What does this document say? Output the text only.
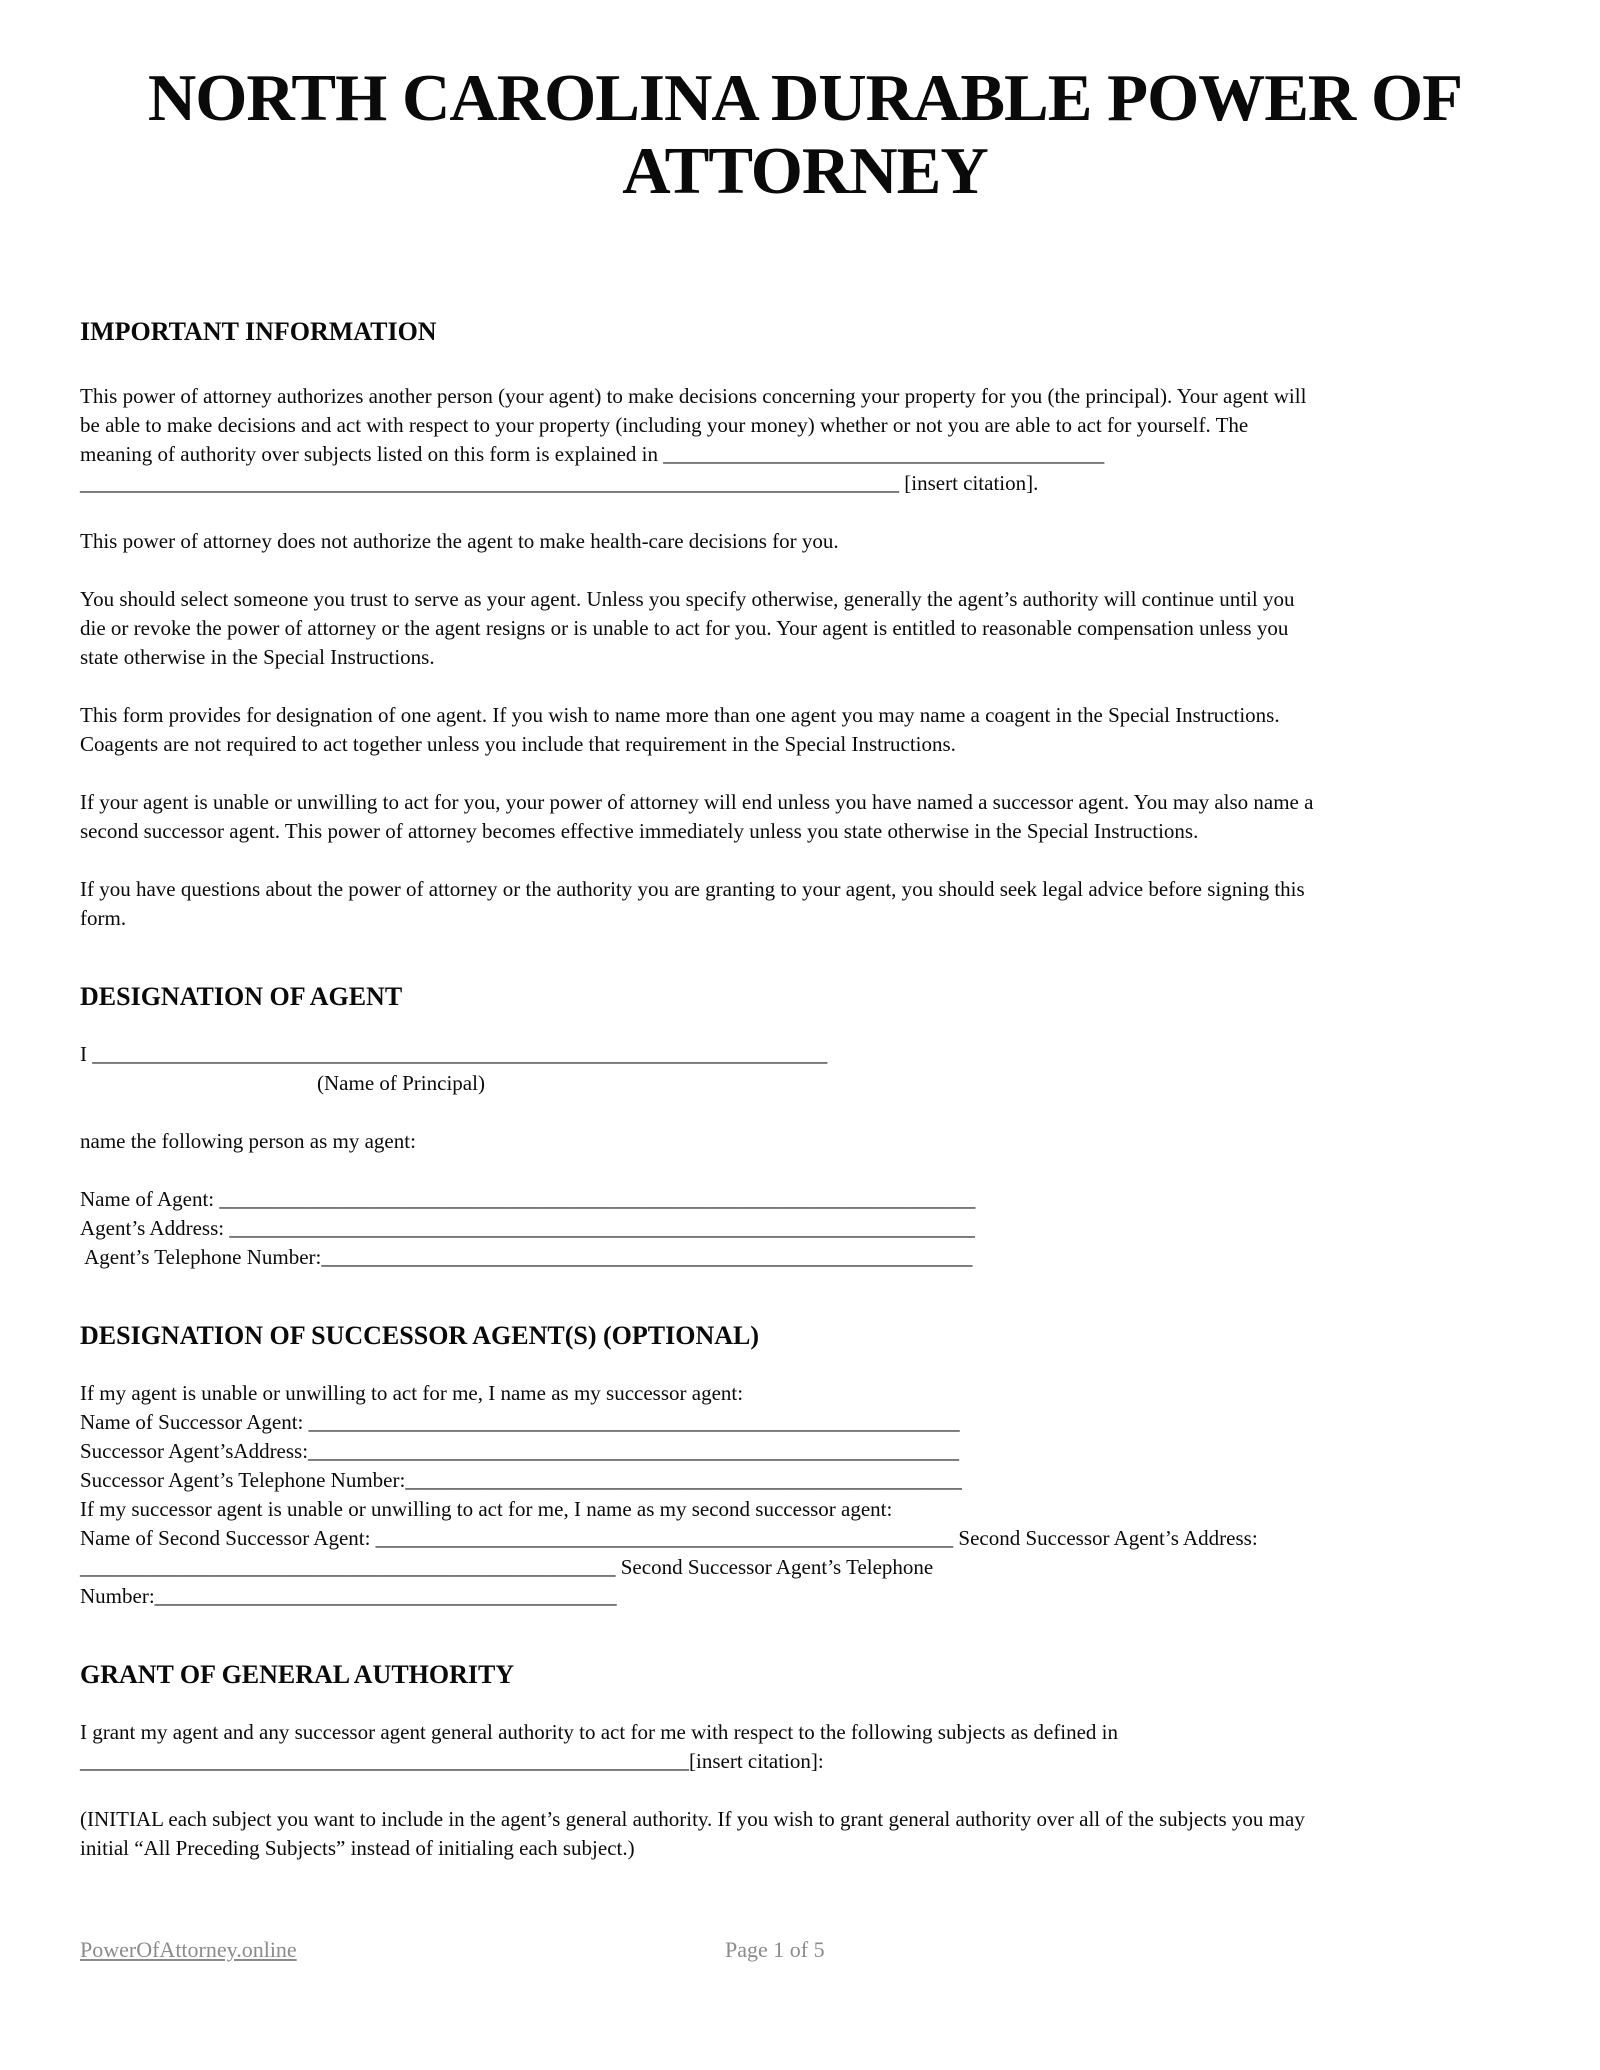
NORTH CAROLINA DURABLE POWER OF
ATTORNEY
IMPORTANT INFORMATION
This power of attorney authorizes another person (your agent) to make decisions concerning your property for you (the principal). Your agent will
be able to make decisions and act with respect to your property (including your money) whether or not you are able to act for yourself. The
meaning of authority over subjects listed on this form is explained in __________________________________________
______________________________________________________________________________ [insert citation].
This power of attorney does not authorize the agent to make health-care decisions for you.
You should select someone you trust to serve as your agent. Unless you specify otherwise, generally the agent’s authority will continue until you
die or revoke the power of attorney or the agent resigns or is unable to act for you. Your agent is entitled to reasonable compensation unless you
state otherwise in the Special Instructions.
This form provides for designation of one agent. If you wish to name more than one agent you may name a coagent in the Special Instructions.
Coagents are not required to act together unless you include that requirement in the Special Instructions.
If your agent is unable or unwilling to act for you, your power of attorney will end unless you have named a successor agent. You may also name a
second successor agent. This power of attorney becomes effective immediately unless you state otherwise in the Special Instructions.
If you have questions about the power of attorney or the authority you are granting to your agent, you should seek legal advice before signing this
form.
DESIGNATION OF AGENT
I ______________________________________________________________________
(Name of Principal)
name the following person as my agent:
Name of Agent: ________________________________________________________________________
Agent’s Address: _______________________________________________________________________
Agent’s Telephone Number:______________________________________________________________
DESIGNATION OF SUCCESSOR AGENT(S) (OPTIONAL)
If my agent is unable or unwilling to act for me, I name as my successor agent:
Name of Successor Agent: ______________________________________________________________
Successor Agent’sAddress:______________________________________________________________
Successor Agent’s Telephone Number:_____________________________________________________
If my successor agent is unable or unwilling to act for me, I name as my second successor agent:
Name of Second Successor Agent: _______________________________________________________ Second Successor Agent’s Address:
___________________________________________________ Second Successor Agent’s Telephone
Number:____________________________________________
GRANT OF GENERAL AUTHORITY
I grant my agent and any successor agent general authority to act for me with respect to the following subjects as defined in
__________________________________________________________[insert citation]:
(INITIAL each subject you want to include in the agent’s general authority. If you wish to grant general authority over all of the subjects you may
initial “All Preceding Subjects” instead of initialing each subject.)
PowerOfAttorney.online	Page 1 of 5
